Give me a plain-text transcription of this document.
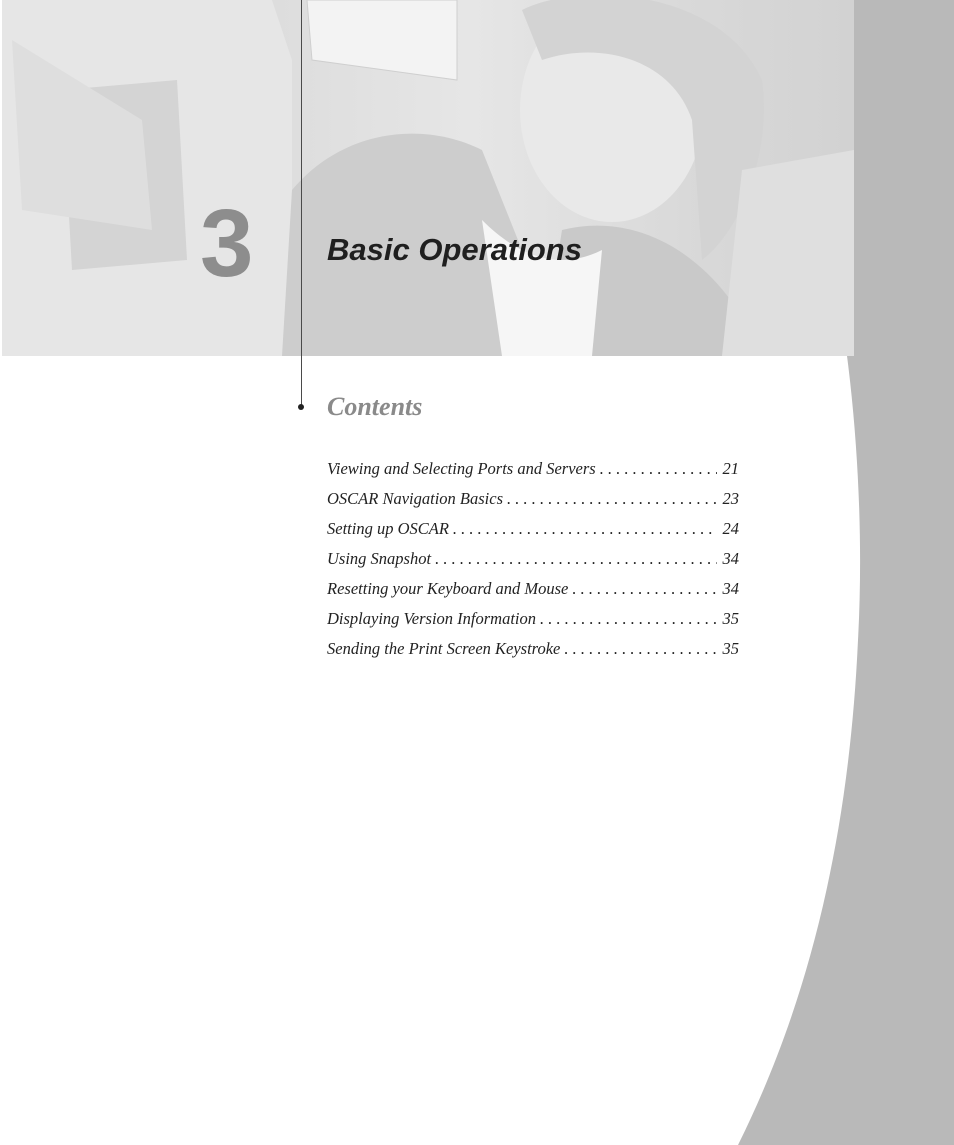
3 Basic Operations
Contents
Viewing and Selecting Ports and Servers . . .	21
OSCAR Navigation Basics . . .	23
Setting up OSCAR . . .	24
Using Snapshot . . .	34
Resetting your Keyboard and Mouse . . .	34
Displaying Version Information . . .	35
Sending the Print Screen Keystroke . . .	35
